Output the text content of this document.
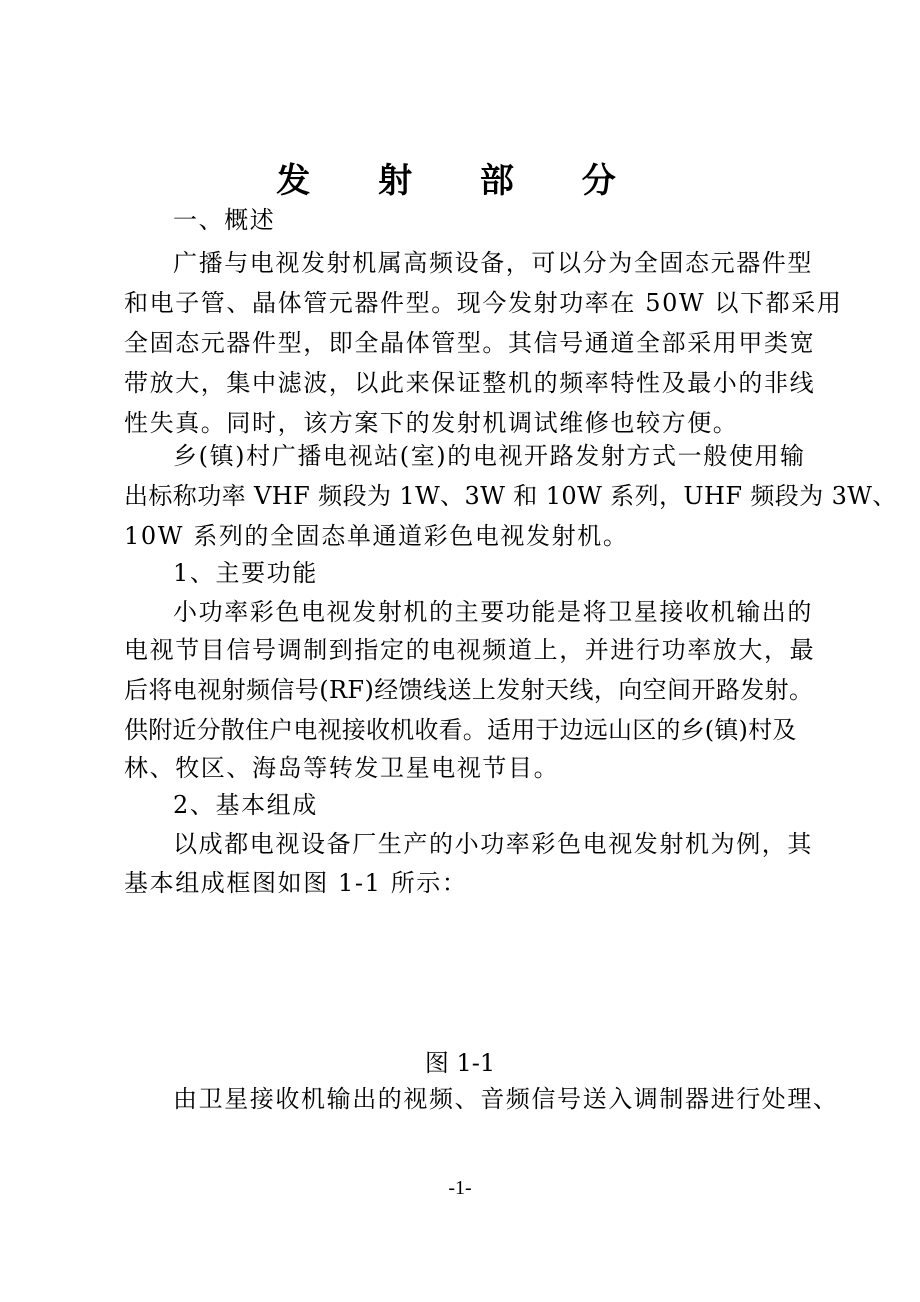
发 射 部 分
一、概述
广播与电视发射机属高频设备，可以分为全固态元器件型
和电子管、晶体管元器件型。现今发射功率在 50W 以下都采用
全固态元器件型，即全晶体管型。其信号通道全部采用甲类宽
带放大，集中滤波，以此来保证整机的频率特性及最小的非线
性失真。同时，该方案下的发射机调试维修也较方便。
乡(镇)村广播电视站(室)的电视开路发射方式一般使用输
出标称功率 VHF 频段为 1W、3W 和 10W 系列，UHF 频段为 3W、
10W 系列的全固态单通道彩色电视发射机。
1、主要功能
小功率彩色电视发射机的主要功能是将卫星接收机输出的
电视节目信号调制到指定的电视频道上，并进行功率放大，最
后将电视射频信号(RF)经馈线送上发射天线，向空间开路发射。
供附近分散住户电视接收机收看。适用于边远山区的乡(镇)村及
林、牧区、海岛等转发卫星电视节目。
2、基本组成
以成都电视设备厂生产的小功率彩色电视发射机为例，其
基本组成框图如图 1-1 所示：
图 1-1
由卫星接收机输出的视频、音频信号送入调制器进行处理、
-1-
